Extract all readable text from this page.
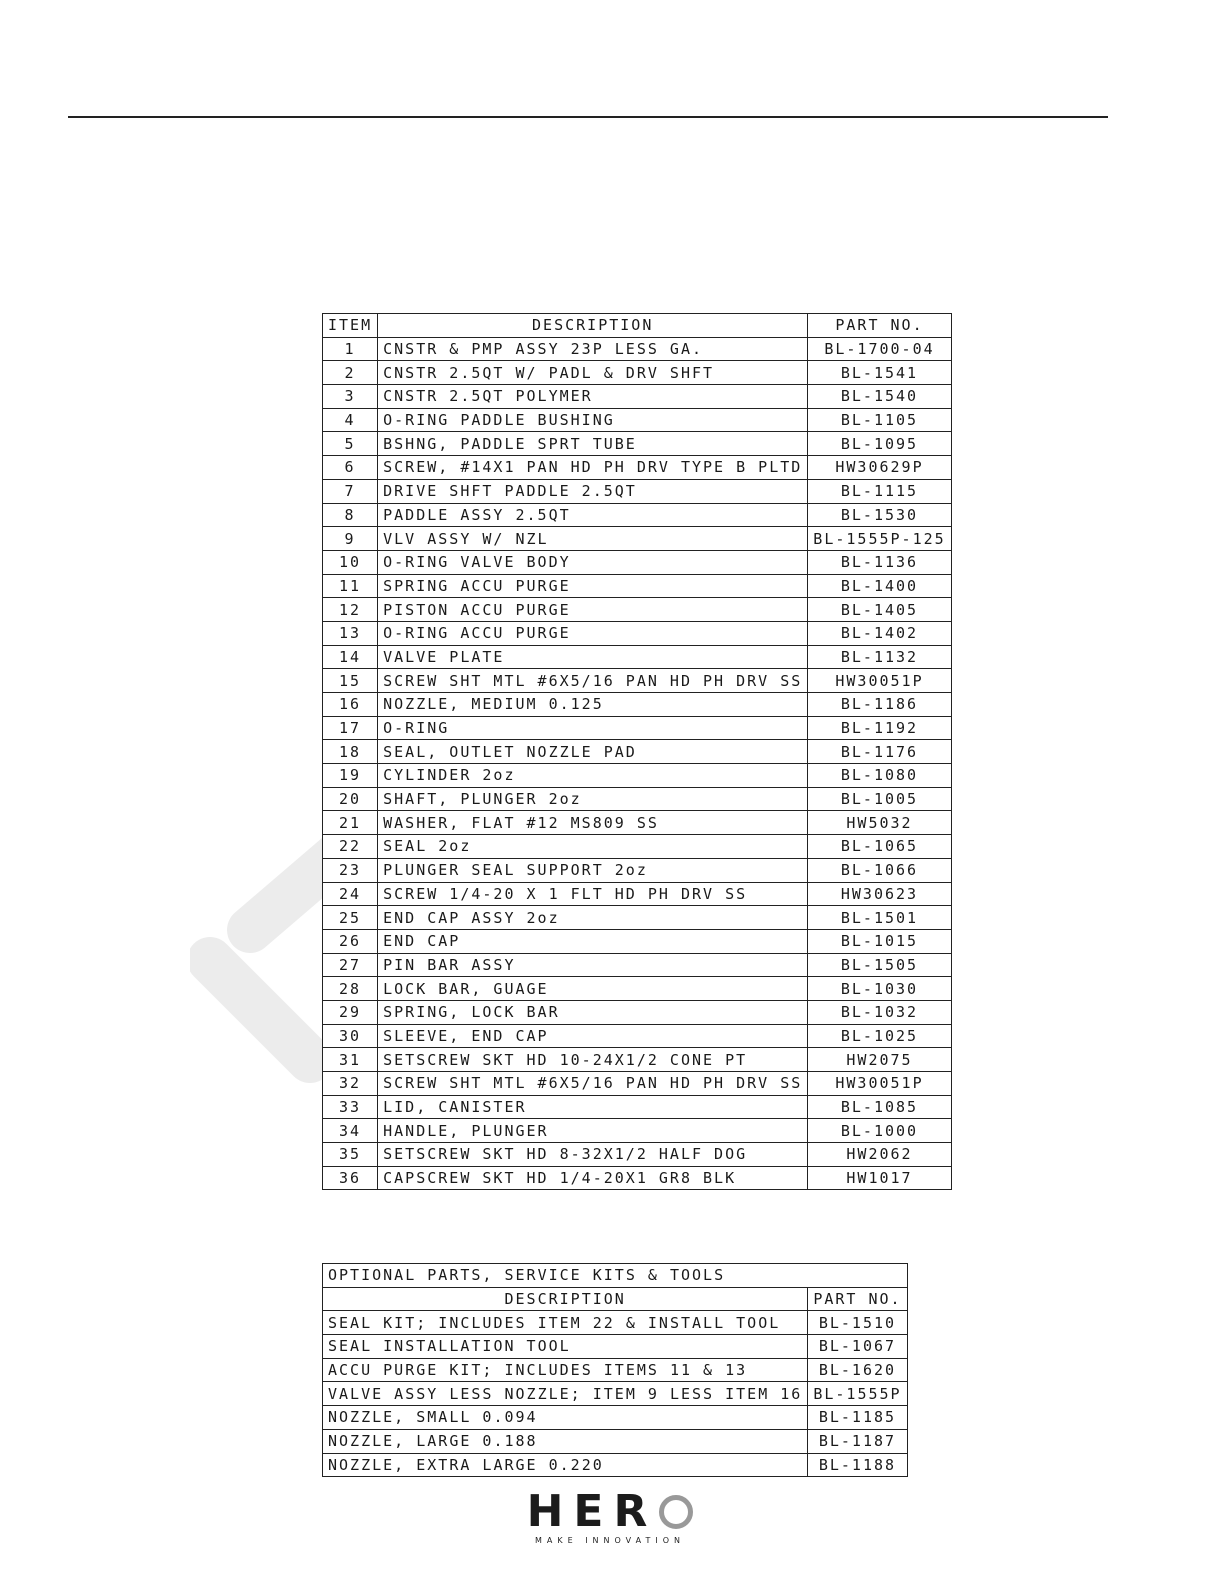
ITEM	DESCRIPTION	PART NO.
1	CNSTR & PMP ASSY 23P LESS GA.	BL-1700-04
2	CNSTR 2.5QT W/ PADL & DRV SHFT	BL-1541
3	CNSTR 2.5QT POLYMER	BL-1540
4	O-RING PADDLE BUSHING	BL-1105
5	BSHNG, PADDLE SPRT TUBE	BL-1095
6	SCREW, #14X1 PAN HD PH DRV TYPE B PLTD	HW30629P
7	DRIVE SHFT PADDLE 2.5QT	BL-1115
8	PADDLE ASSY 2.5QT	BL-1530
9	VLV ASSY W/ NZL	BL-1555P-125
10	O-RING VALVE BODY	BL-1136
11	SPRING ACCU PURGE	BL-1400
12	PISTON ACCU PURGE	BL-1405
13	O-RING ACCU PURGE	BL-1402
14	VALVE PLATE	BL-1132
15	SCREW SHT MTL #6X5/16 PAN HD PH DRV SS	HW30051P
16	NOZZLE, MEDIUM 0.125	BL-1186
17	O-RING	BL-1192
18	SEAL, OUTLET NOZZLE PAD	BL-1176
19	CYLINDER 2oz	BL-1080
20	SHAFT, PLUNGER 2oz	BL-1005
21	WASHER, FLAT #12 MS809 SS	HW5032
22	SEAL 2oz	BL-1065
23	PLUNGER SEAL SUPPORT 2oz	BL-1066
24	SCREW 1/4-20 X 1 FLT HD PH DRV SS	HW30623
25	END CAP ASSY 2oz	BL-1501
26	END CAP	BL-1015
27	PIN BAR ASSY	BL-1505
28	LOCK BAR, GUAGE	BL-1030
29	SPRING, LOCK BAR	BL-1032
30	SLEEVE, END CAP	BL-1025
31	SETSCREW SKT HD 10-24X1/2 CONE PT	HW2075
32	SCREW SHT MTL #6X5/16 PAN HD PH DRV SS	HW30051P
33	LID, CANISTER	BL-1085
34	HANDLE, PLUNGER	BL-1000
35	SETSCREW SKT HD 8-32X1/2 HALF DOG	HW2062
36	CAPSCREW SKT HD 1/4-20X1 GR8 BLK	HW1017
OPTIONAL PARTS, SERVICE KITS & TOOLS	
DESCRIPTION	PART NO.
SEAL KIT; INCLUDES ITEM 22 & INSTALL TOOL	BL-1510
SEAL INSTALLATION TOOL	BL-1067
ACCU PURGE KIT; INCLUDES ITEMS 11 & 13	BL-1620
VALVE ASSY LESS NOZZLE; ITEM 9 LESS ITEM 16	BL-1555P
NOZZLE, SMALL 0.094	BL-1185
NOZZLE, LARGE 0.188	BL-1187
NOZZLE, EXTRA LARGE 0.220	BL-1188
HER
MAKE INNOVATION
